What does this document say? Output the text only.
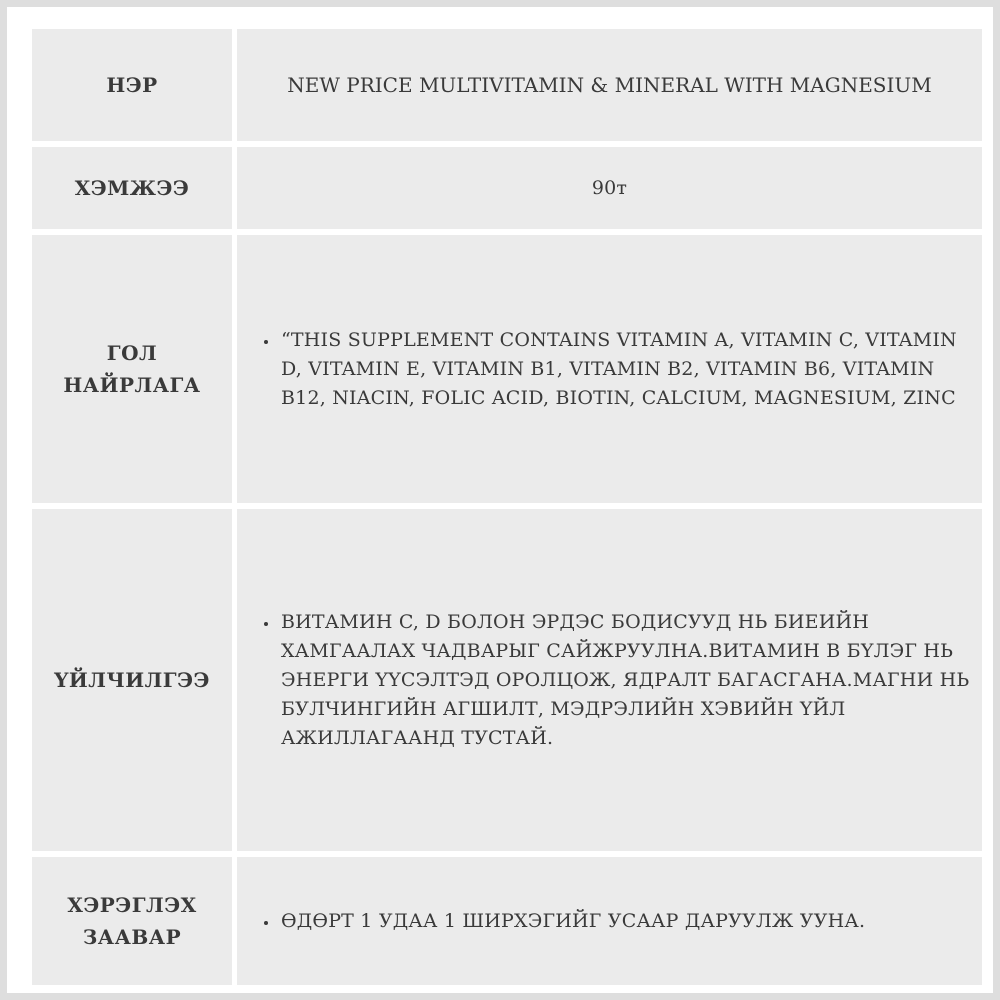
НЭР	NEW PRICE MULTIVITAMIN & MINERAL WITH MAGNESIUM
ХЭМЖЭЭ	90т
ГОЛ
НАЙРЛАГА
• “THIS SUPPLEMENT CONTAINS VITAMIN A, VITAMIN C, VITAMIN D, VITAMIN E, VITAMIN B1, VITAMIN B2, VITAMIN B6, VITAMIN B12, NIACIN, FOLIC ACID, BIOTIN, CALCIUM, MAGNESIUM, ZINC
ҮЙЛЧИЛГЭЭ
• ВИТАМИН C, D БОЛОН ЭРДЭС БОДИСУУД НЬ БИЕИЙН ХАМГААЛАХ ЧАДВАРЫГ САЙЖРУУЛНА.ВИТАМИН В БҮЛЭГ НЬ ЭНЕРГИ ҮҮСЭЛТЭД ОРОЛЦОЖ, ЯДРАЛТ БАГАСГАНА.МАГНИ НЬ БУЛЧИНГИЙН АГШИЛТ, МЭДРЭЛИЙН ХЭВИЙН ҮЙЛ АЖИЛЛАГААНД ТУСТАЙ.
ХЭРЭГЛЭХ
ЗААВАР
• ӨДӨРТ 1 УДАА 1 ШИРХЭГИЙГ УСААР ДАРУУЛЖ УУНА.
